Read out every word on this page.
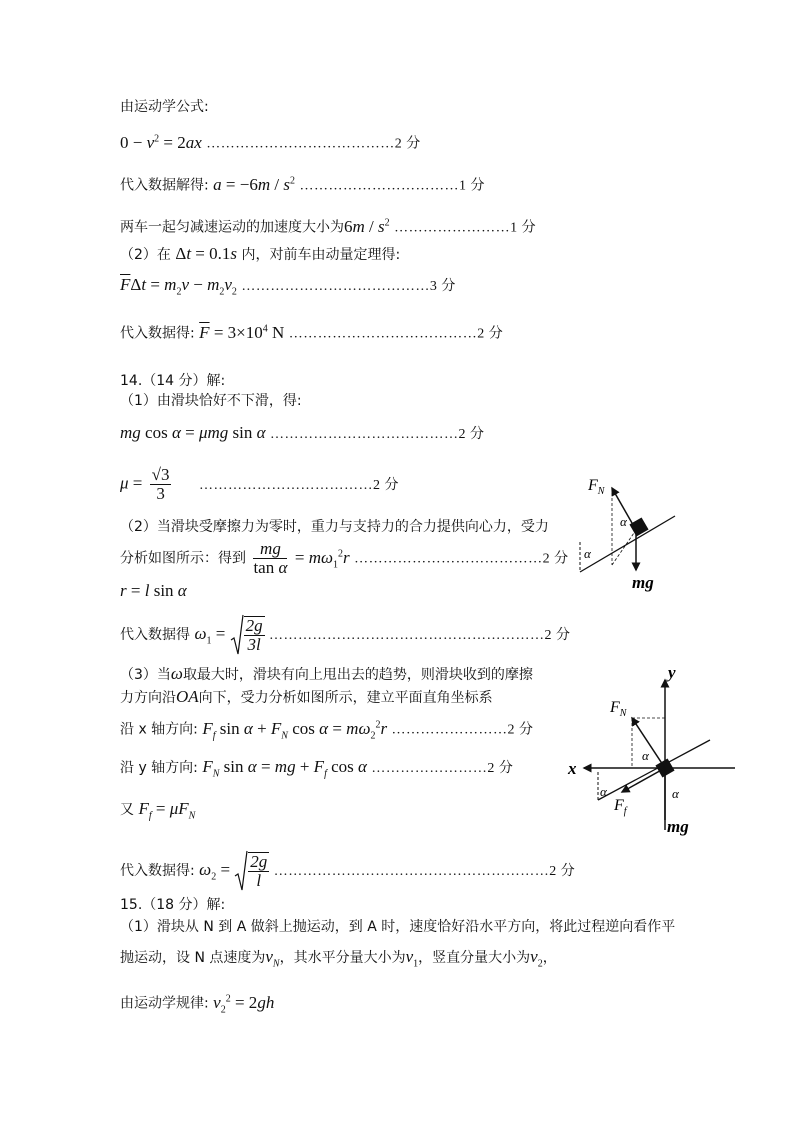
由运动学公式:
$0 - v^2 = 2ax$ …………………………………2 分
代入数据解得: $a = -6m / s^2$ ……………………………1 分
两车一起匀减速运动的加速度大小为$6m / s^2$ ……………………1 分
（2）在 Δt = 0.1s 内，对前车由动量定理得:
$\overline{F}\Delta t = m_2v - m_2v_2$ …………………………………3 分
代入数据得: $\overline{F} = 3\times 10^4$ N …………………………………2 分
14.（14 分）解:
（1）由滑块恰好不下滑，得:
mg cos α = μmg sin α …………………………………2 分
$\mu = \frac{√3}{3}$ ………………………………2 分
（2）当滑块受摩擦力为零时，重力与支持力的合力提供向心力，受力
分析如图所示：得到 $\frac{mg}{\text{tan α}} = m\omega_1^2r$ …………………………………2 分
r = l sin α
代入数据得 $\omega_1 = \frac{2g}{3l}$ …………………………………………………2 分
（3）当ω取最大时，滑块有向上甩出去的趋势，则滑块收到的摩擦
力方向沿OA向下，受力分析如图所示，建立平面直角坐标系
沿 x 轴方向: $F_f$ $\sin \alpha + F_N$ $\cos \alpha = m\omega_2^2r$ ……………………2 分
沿 y 轴方向: $F_N$ sin α = mg + $F_f$ cos α ……………………2 分
又 $F_f = \mu F_N$
代入数据得: $\omega_2 = \frac{2g}{l}$ …………………………………………………2 分
15.（18 分）解:
（1）滑块从 N 到 A 做斜上抛运动，到 A 时，速度恰好沿水平方向，将此过程逆向看作平
抛运动，设 N 点速度为$v_N$，其水平分量大小为$v_1$，竖直分量大小为$v_2$，
由运动学规律: $v_2^2 = 2gh$
$F_N$
α
α
mg
y
x
$F_N$
α
α	α
$F_f$
mg
